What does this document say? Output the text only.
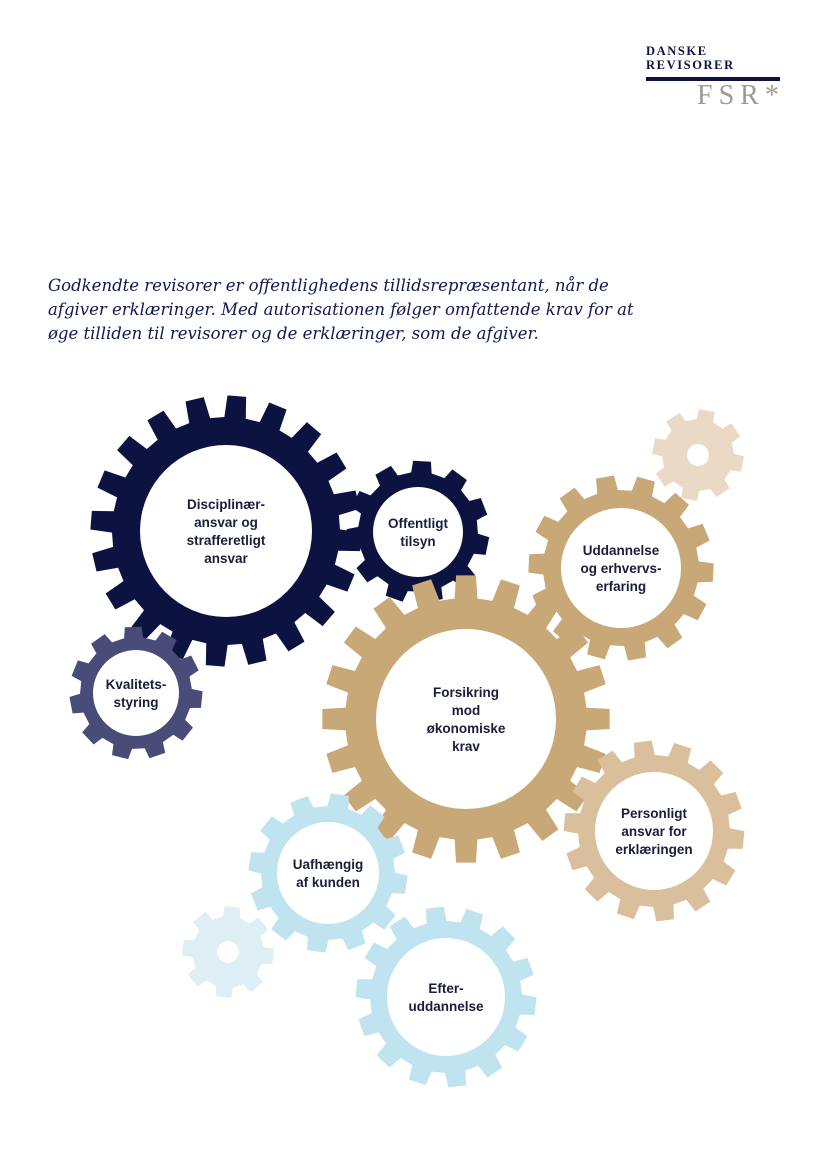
DANSKE
REVISORER
FSR*

Godkendte revisorer er offentlighedens tillidsrepræsentant, når de afgiver erklæringer. Med autorisationen følger omfattende krav for at øge tilliden til revisorer og de erklæringer, som de afgiver.

Disciplinær-
ansvar og
strafferetligt
ansvar
Offentligt
tilsyn
Kvalitets-
styring
Uddannelse
og erhvervs-
erfaring
Forsikring
mod
økonomiske
krav
Personligt
ansvar for
erklæringen
Uafhængig
af kunden
Efter-
uddannelse
